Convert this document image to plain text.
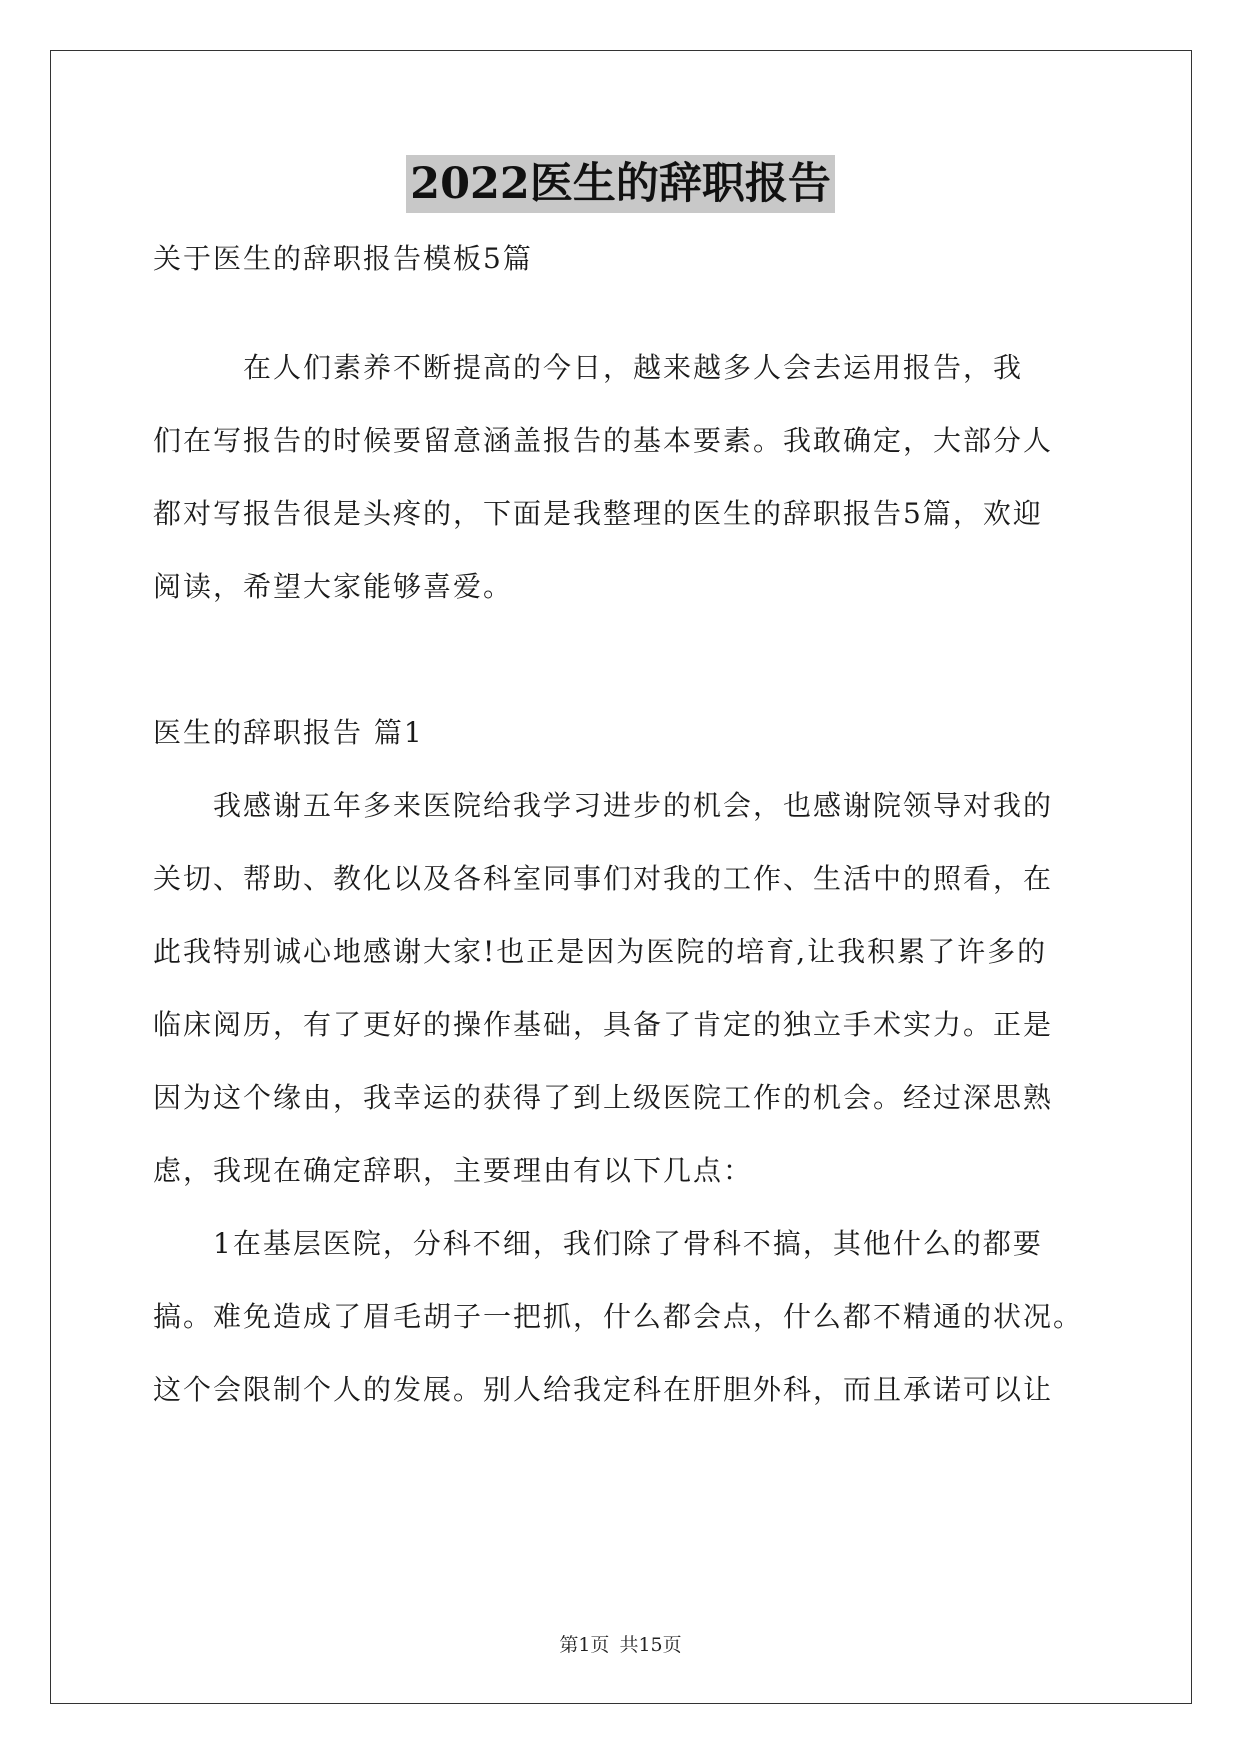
2022医生的辞职报告
关于医生的辞职报告模板5篇
　　　在人们素养不断提高的今日，越来越多人会去运用报告，我
们在写报告的时候要留意涵盖报告的基本要素。我敢确定，大部分人
都对写报告很是头疼的，下面是我整理的医生的辞职报告5篇，欢迎
阅读，希望大家能够喜爱。
医生的辞职报告 篇1
　　我感谢五年多来医院给我学习进步的机会，也感谢院领导对我的
关切、帮助、教化以及各科室同事们对我的工作、生活中的照看，在
此我特别诚心地感谢大家!也正是因为医院的培育,让我积累了许多的
临床阅历，有了更好的操作基础，具备了肯定的独立手术实力。正是
因为这个缘由，我幸运的获得了到上级医院工作的机会。经过深思熟
虑，我现在确定辞职，主要理由有以下几点：
　　1在基层医院，分科不细，我们除了骨科不搞，其他什么的都要
搞。难免造成了眉毛胡子一把抓，什么都会点，什么都不精通的状况。
这个会限制个人的发展。别人给我定科在肝胆外科，而且承诺可以让
第1页 共15页
